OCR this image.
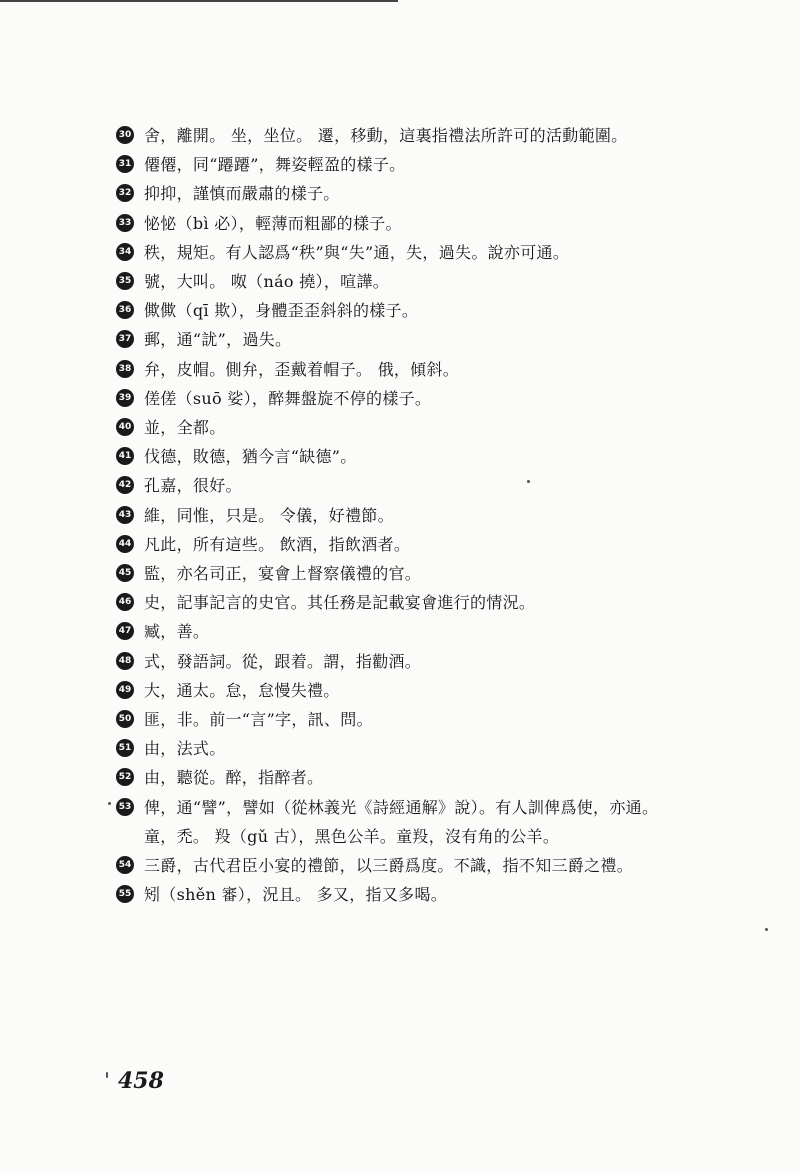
30 舍，離開。 坐，坐位。 遷，移動，這裏指禮法所許可的活動範圍。
31 僊僊，同“蹮蹮”，舞姿輕盈的樣子。
32 抑抑，謹慎而嚴肅的樣子。
33 怭怭（bì 必），輕薄而粗鄙的樣子。
34 秩，規矩。有人認爲“秩”與“失”通，失，過失。說亦可通。
35 號，大叫。 呶（náo 撓），喧譁。
36 僛僛（qī 欺），身體歪歪斜斜的樣子。
37 郵，通“訧”，過失。
38 弁，皮帽。側弁，歪戴着帽子。 俄，傾斜。
39 傞傞（suō 娑），醉舞盤旋不停的樣子。
40 並，全都。
41 伐德，敗德，猶今言“缺德”。
42 孔嘉，很好。
43 維，同惟，只是。 令儀，好禮節。
44 凡此，所有這些。 飲酒，指飲酒者。
45 監，亦名司正，宴會上督察儀禮的官。
46 史，記事記言的史官。其任務是記載宴會進行的情況。
47 臧，善。
48 式，發語詞。從，跟着。謂，指勸酒。
49 大，通太。怠，怠慢失禮。
50 匪，非。前一“言”字，訊、問。
51 由，法式。
52 由，聽從。醉，指醉者。
53 俾，通“譬”，譬如（從林義光《詩經通解》說）。有人訓俾爲使，亦通。
童，禿。 羖（gǔ 古），黑色公羊。童羖，沒有角的公羊。
54 三爵，古代君臣小宴的禮節，以三爵爲度。不識，指不知三爵之禮。
55 矧（shěn 審），況且。 多又，指又多喝。
458
